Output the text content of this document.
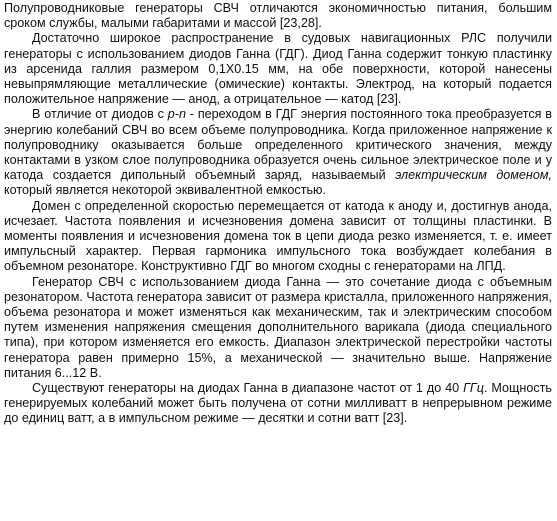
Полупроводниковые генераторы СВЧ отличаются экономичностью питания, большим сроком службы, малыми габаритами и массой [23,28].

Достаточно широкое распространение в судовых навигационных РЛС получили генераторы с использованием диодов Ганна (ГДГ). Диод Ганна содержит тонкую пластинку из арсенида галлия размером 0,1Х0.15 мм, на обе поверхности, которой нанесены невыпрямляющие металлические (омические) контакты. Электрод, на который подается положительное напряжение — анод, а отрицательное — катод [23].

В отличие от диодов с р-n - переходом в ГДГ энергия постоянного тока преобразуется в энергию колебаний СВЧ во всем объеме полупроводника. Когда приложенное напряжение к полупроводнику оказывается больше определенного критического значения, между контактами в узком слое полупроводника образуется очень сильное электрическое поле и у катода создается дипольный объемный заряд, называемый электрическим доменом, который является некоторой эквивалентной емкостью.

Домен с определенной скоростью перемещается от катода к аноду и, достигнув анода, исчезает. Частота появления и исчезновения домена зависит от толщины пластинки. В моменты появления и исчезновения домена ток в цепи диода резко изменяется, т. е. имеет импульсный характер. Первая гармоника импульсного тока возбуждает колебания в объемном резонаторе. Конструктивно ГДГ во многом сходны с генераторами на ЛПД.

Генератор СВЧ с использованием диода Ганна — это сочетание диода с объемным резонатором. Частота генератора зависит от размера кристалла, приложенного напряжения, объема резонатора и может изменяться как механическим, так и электрическим способом путем изменения напряжения смещения дополнительного варикапа (диода специального типа), при котором изменяется его емкость. Диапазон электрической перестройки частоты генератора равен примерно 15%, а механической — значительно выше. Напряжение питания 6...12 В.

Существуют генераторы на диодах Ганна в диапазоне частот от 1 до 40 ГГц. Мощность генерируемых колебаний может быть получена от сотни милливатт в непрерывном режиме до единиц ватт, а в импульсном режиме — десятки и сотни ватт [23].
